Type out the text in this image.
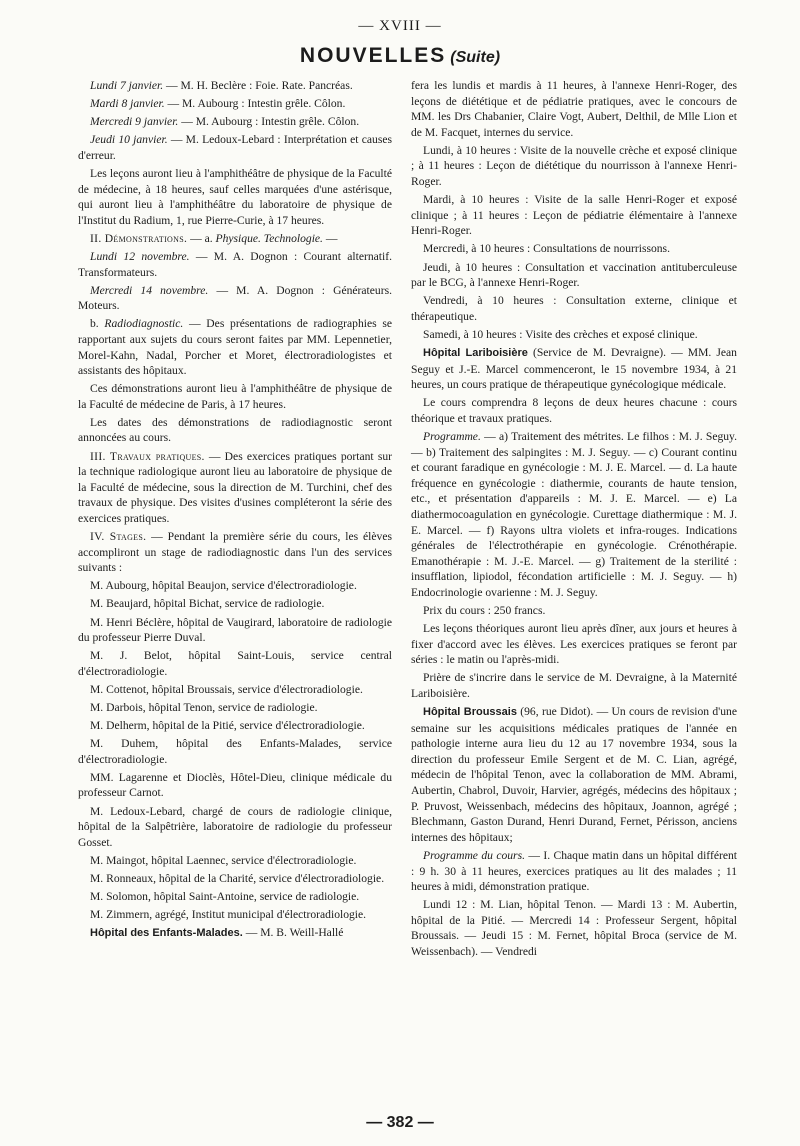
— XVIII —
NOUVELLES (Suite)

Lundi 7 janvier. — M. H. Beclère : Foie. Rate. Pancréas.

Mardi 8 janvier. — M. Aubourg : Intestin grêle. Côlon.

Mercredi 9 janvier. — M. Aubourg : Intestin grêle. Côlon.

Jeudi 10 janvier. — M. Ledoux-Lebard : Interprétation et causes d'erreur.

Les leçons auront lieu à l'amphithéâtre de physique de la Faculté de médecine, à 18 heures, sauf celles marquées d'une astérisque, qui auront lieu à l'amphithéâtre du laboratoire de physique de l'Institut du Radium, 1, rue Pierre-Curie, à 17 heures.

II. Démonstrations. — a. Physique. Technologie. —

Lundi 12 novembre. — M. A. Dognon : Courant alternatif. Transformateurs.

Mercredi 14 novembre. — M. A. Dognon : Générateurs. Moteurs.

b. Radiodiagnostic. — Des présentations de radiographies se rapportant aux sujets du cours seront faites par MM. Lepennetier, Morel-Kahn, Nadal, Porcher et Moret, électroradiologistes et assistants des hôpitaux.

Ces démonstrations auront lieu à l'amphithéâtre de physique de la Faculté de médecine de Paris, à 17 heures.

Les dates des démonstrations de radiodiagnostic seront annoncées au cours.

III. Travaux pratiques. — Des exercices pratiques portant sur la technique radiologique auront lieu au laboratoire de physique de la Faculté de médecine, sous la direction de M. Turchini, chef des travaux de physique. Des visites d'usines compléteront la série des exercices pratiques.

IV. Stages. — Pendant la première série du cours, les élèves accompliront un stage de radiodiagnostic dans l'un des services suivants :

M. Aubourg, hôpital Beaujon, service d'électroradiologie.

M. Beaujard, hôpital Bichat, service de radiologie.

M. Henri Béclère, hôpital de Vaugirard, laboratoire de radiologie du professeur Pierre Duval.

M. J. Belot, hôpital Saint-Louis, service central d'électroradiologie.

M. Cottenot, hôpital Broussais, service d'électroradiologie.

M. Darbois, hôpital Tenon, service de radiologie.

M. Delherm, hôpital de la Pitié, service d'électroradiologie.

M. Duhem, hôpital des Enfants-Malades, service d'électroradiologie.

MM. Lagarenne et Dioclès, Hôtel-Dieu, clinique médicale du professeur Carnot.

M. Ledoux-Lebard, chargé de cours de radiologie clinique, hôpital de la Salpêtrière, laboratoire de radiologie du professeur Gosset.

M. Maingot, hôpital Laennec, service d'électroradiologie.

M. Ronneaux, hôpital de la Charité, service d'électroradiologie.

M. Solomon, hôpital Saint-Antoine, service de radiologie.

M. Zimmern, agrégé, Institut municipal d'électroradiologie.

Hôpital des Enfants-Malades. — M. B. Weill-Hallé

fera les lundis et mardis à 11 heures, à l'annexe Henri-Roger, des leçons de diététique et de pédiatrie pratiques, avec le concours de MM. les Drs Chabanier, Claire Vogt, Aubert, Delthil, de Mlle Lion et de M. Facquet, internes du service.

Lundi, à 10 heures : Visite de la nouvelle crèche et exposé clinique ; à 11 heures : Leçon de diététique du nourrisson à l'annexe Henri-Roger.

Mardi, à 10 heures : Visite de la salle Henri-Roger et exposé clinique ; à 11 heures : Leçon de pédiatrie élémentaire à l'annexe Henri-Roger.

Mercredi, à 10 heures : Consultations de nourrissons.

Jeudi, à 10 heures : Consultation et vaccination antituberculeuse par le BCG, à l'annexe Henri-Roger.

Vendredi, à 10 heures : Consultation externe, clinique et thérapeutique.

Samedi, à 10 heures : Visite des crèches et exposé clinique.

Hôpital Lariboisière (Service de M. Devraigne). — MM. Jean Seguy et J.-E. Marcel commenceront, le 15 novembre 1934, à 21 heures, un cours pratique de thérapeutique gynécologique médicale.

Le cours comprendra 8 leçons de deux heures chacune : cours théorique et travaux pratiques.

Programme. — a) Traitement des métrites. Le filhos : M. J. Seguy. — b) Traitement des salpingites : M. J. Seguy. — c) Courant continu et courant faradique en gynécologie : M. J. E. Marcel. — d. La haute fréquence en gynécologie : diathermie, courants de haute tension, etc., et présentation d'appareils : M. J. E. Marcel. — e) La diathermocoagulation en gynécologie. Curettage diathermique : M. J. E. Marcel. — f) Rayons ultra violets et infra-rouges. Indications générales de l'électrothérapie en gynécologie. Crénothérapie. Emanothérapie : M. J.-E. Marcel. — g) Traitement de la sterilité : insufflation, lipiodol, fécondation artificielle : M. J. Seguy. — h) Endocrinologie ovarienne : M. J. Seguy.

Prix du cours : 250 francs.

Les leçons théoriques auront lieu après dîner, aux jours et heures à fixer d'accord avec les élèves. Les exercices pratiques se feront par séries : le matin ou l'après-midi.

Prière de s'incrire dans le service de M. Devraigne, à la Maternité Lariboisière.

Hôpital Broussais (96, rue Didot). — Un cours de revision d'une semaine sur les acquisitions médicales pratiques de l'année en pathologie interne aura lieu du 12 au 17 novembre 1934, sous la direction du professeur Emile Sergent et de M. C. Lian, agrégé, médecin de l'hôpital Tenon, avec la collaboration de MM. Abrami, Aubertin, Chabrol, Duvoir, Harvier, agrégés, médecins des hôpitaux ; P. Pruvost, Weissenbach, médecins des hôpitaux, Joannon, agrégé ; Blechmann, Gaston Durand, Henri Durand, Fernet, Périsson, anciens internes des hôpitaux;

Programme du cours. — I. Chaque matin dans un hôpital différent : 9 h. 30 à 11 heures, exercices pratiques au lit des malades ; 11 heures à midi, démonstration pratique.

Lundi 12 : M. Lian, hôpital Tenon. — Mardi 13 : M. Aubertin, hôpital de la Pitié. — Mercredi 14 : Professeur Sergent, hôpital Broussais. — Jeudi 15 : M. Fernet, hôpital Broca (service de M. Weissenbach). — Vendredi

— 382 —
